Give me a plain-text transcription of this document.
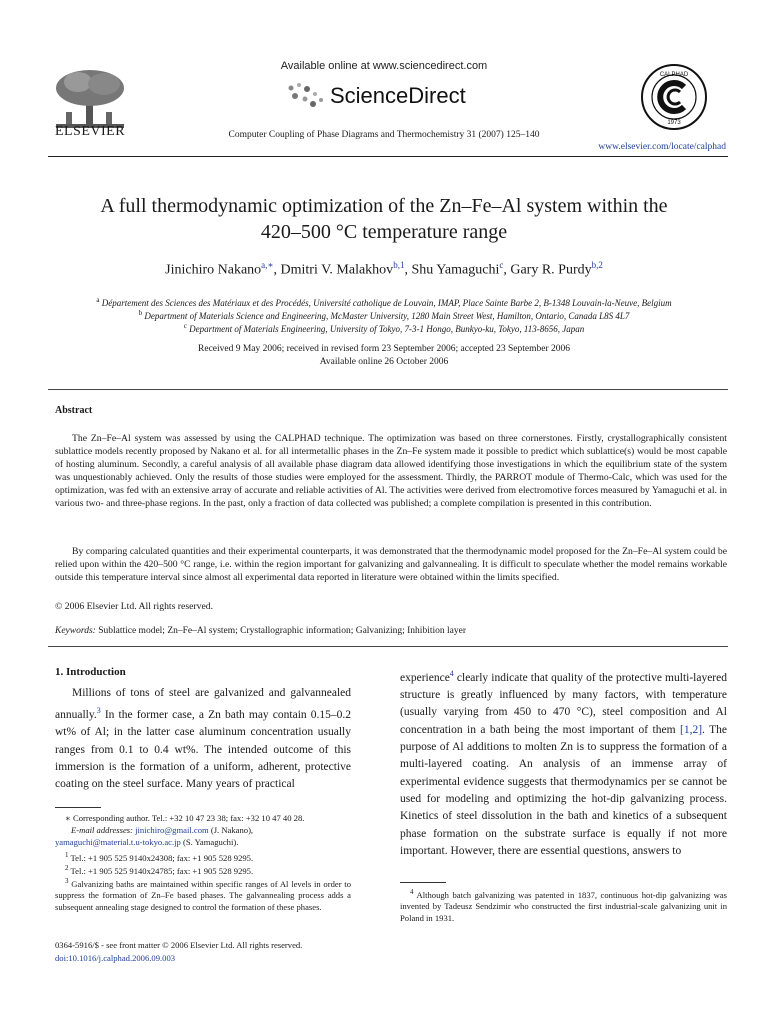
ELSEVIER
Available online at www.sciencedirect.com
ScienceDirect
Computer Coupling of Phase Diagrams and Thermochemistry 31 (2007) 125–140
CALPHAD
1973
www.elsevier.com/locate/calphad
A full thermodynamic optimization of the Zn–Fe–Al system within the
420–500 °C temperature range
Jinichiro Nakano$^{a,∗}$, Dmitri V. Malakhov$^{b,1}$, Shu Yamaguchi$^c$, Gary R. Purdy$^{b,2}$
$^a$ Département des Sciences des Matériaux et des Procédés, Université catholique de Louvain, IMAP, Place Sainte Barbe 2, B-1348 Louvain-la-Neuve, Belgium
$^b$ Department of Materials Science and Engineering, McMaster University, 1280 Main Street West, Hamilton, Ontario, Canada L8S 4L7
$^c$ Department of Materials Engineering, University of Tokyo, 7-3-1 Hongo, Bunkyo-ku, Tokyo, 113-8656, Japan
Received 9 May 2006; received in revised form 23 September 2006; accepted 23 September 2006
Available online 26 October 2006
Abstract
The Zn–Fe–Al system was assessed by using the CALPHAD technique. The optimization was based on three cornerstones. Firstly, crystallographically consistent sublattice models recently proposed by Nakano et al. for all intermetallic phases in the Zn–Fe system made it possible to predict which sublattice(s) would be most capable of hosting aluminum. Secondly, a careful analysis of all available phase diagram data allowed identifying those investigations in which the equilibrium state of the system was unquestionably achieved. Only the results of those studies were employed for the assessment. Thirdly, the PARROT module of Thermo-Calc, which was used for the optimization, was fed with an extensive array of accurate and reliable activities of Al. The activities were derived from electromotive forces measured by Yamaguchi et al. in various two- and three-phase regions. In the past, only a fraction of data collected was published; a complete compilation is presented in this contribution.
By comparing calculated quantities and their experimental counterparts, it was demonstrated that the thermodynamic model proposed for the Zn–Fe–Al system could be relied upon within the 420–500 °C range, i.e. within the region important for galvanizing and galvannealing. It is difficult to speculate whether the model remains workable outside this temperature interval since almost all experimental data reported in literature were obtained within the limits specified.
© 2006 Elsevier Ltd. All rights reserved.
Keywords: Sublattice model; Zn–Fe–Al system; Crystallographic information; Galvanizing; Inhibition layer
1. Introduction
Millions of tons of steel are galvanized and galvannealed annually.$^3$ In the former case, a Zn bath may contain 0.15–0.2 wt% of Al; in the latter case aluminum concentration usually ranges from 0.1 to 0.4 wt%. The intended outcome of this immersion is the formation of a uniform, adherent, protective coating on the steel surface. Many years of practical
experience$^4$ clearly indicate that quality of the protective multi-layered structure is greatly influenced by many factors, with temperature (usually varying from 450 to 470 °C), steel composition and Al concentration in a bath being the most important of them [1,2]. The purpose of Al additions to molten Zn is to suppress the formation of a multi-layered coating. An analysis of an immense array of experimental evidence suggests that thermodynamics per se cannot be used for modeling and optimizing the hot-dip galvanizing process. Kinetics of steel dissolution in the bath and kinetics of a subsequent phase formation on the substrate surface is equally if not more important. However, there are essential questions, answers to
∗ Corresponding author. Tel.: +32 10 47 23 38; fax: +32 10 47 40 28.
E-mail addresses: jinichiro@gmail.com (J. Nakano),
yamaguchi@material.t.u-tokyo.ac.jp (S. Yamaguchi).
$^1$ Tel.: +1 905 525 9140x24308; fax: +1 905 528 9295.
$^2$ Tel.: +1 905 525 9140x24785; fax: +1 905 528 9295.
$^3$ Galvanizing baths are maintained within specific ranges of Al levels in order to suppress the formation of Zn–Fe based phases. The galvannealing process adds a subsequent annealing stage designed to control the formation of these phases.
$^4$ Although batch galvanizing was patented in 1837, continuous hot-dip galvanizing was invented by Tadeusz Sendzimir who constructed the first industrial-scale galvanizing unit in Poland in 1931.
0364-5916/$ - see front matter © 2006 Elsevier Ltd. All rights reserved.
doi:10.1016/j.calphad.2006.09.003
